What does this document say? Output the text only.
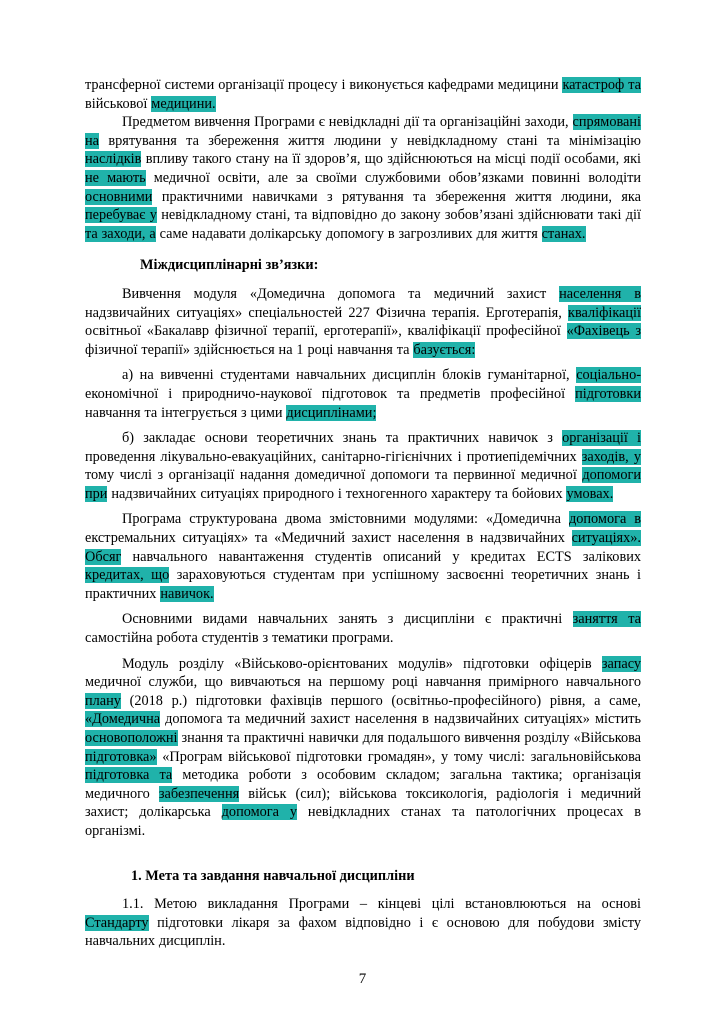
трансферної системи організації процесу і виконується кафедрами медицини катастроф та військової медицини.

Предметом вивчення Програми є невідкладні дії та організаційні заходи, спрямовані на врятування та збереження життя людини у невідкладному стані та мінімізацію наслідків впливу такого стану на її здоров’я, що здійснюються на місці події особами, які не мають медичної освіти, але за своїми службовими обов’язками повинні володіти основними практичними навичками з рятування та збереження життя людини, яка перебуває у невідкладному стані, та відповідно до закону зобов’язані здійснювати такі дії та заходи, а саме надавати долікарську допомогу в загрозливих для життя станах.

Міждисциплінарні зв’язки:

Вивчення модуля «Домедична допомога та медичний захист населення в надзвичайних ситуаціях» спеціальностей 227 Фізична терапія. Ерготерапія, кваліфікації освітньої «Бакалавр фізичної терапії, ерготерапії», кваліфікації професійної «Фахівець з фізичної терапії» здійснюється на 1 році навчання та базується:

а) на вивченні студентами навчальних дисциплін блоків гуманітарної, соціально-економічної і природничо-наукової підготовок та предметів професійної підготовки навчання та інтегрується з цими дисциплінами;

б) закладає основи теоретичних знань та практичних навичок з організації і проведення лікувально-евакуаційних, санітарно-гігієнічних і протиепідемічних заходів, у тому числі з організації надання домедичної допомоги та первинної медичної допомоги при надзвичайних ситуаціях природного і техногенного характеру та бойових умовах.

Програма структурована двома змістовними модулями: «Домедична допомога в екстремальних ситуаціях» та «Медичний захист населення в надзвичайних ситуаціях». Обсяг навчального навантаження студентів описаний у кредитах ECTS залікових кредитах, що зараховуються студентам при успішному засвоєнні теоретичних знань і практичних навичок.

Основними видами навчальних занять з дисципліни є практичні заняття та самостійна робота студентів з тематики програми.

Модуль розділу «Військово-орієнтованих модулів» підготовки офіцерів запасу медичної служби, що вивчаються на першому році навчання примірного навчального плану (2018 р.) підготовки фахівців першого (освітньо-професійного) рівня, а саме, «Домедична допомога та медичний захист населення в надзвичайних ситуаціях» містить основоположні знання та практичні навички для подальшого вивчення розділу «Військова підготовка» «Програм військової підготовки громадян», у тому числі: загальновійськова підготовка та методика роботи з особовим складом; загальна тактика; організація медичного забезпечення військ (сил); військова токсикологія, радіологія і медичний захист; долікарська допомога у невідкладних станах та патологічних процесах в організмі.

1. Мета та завдання навчальної дисципліни

1.1. Метою викладання Програми – кінцеві цілі встановлюються на основі Стандарту підготовки лікаря за фахом відповідно і є основою для побудови змісту навчальних дисциплін.

7
